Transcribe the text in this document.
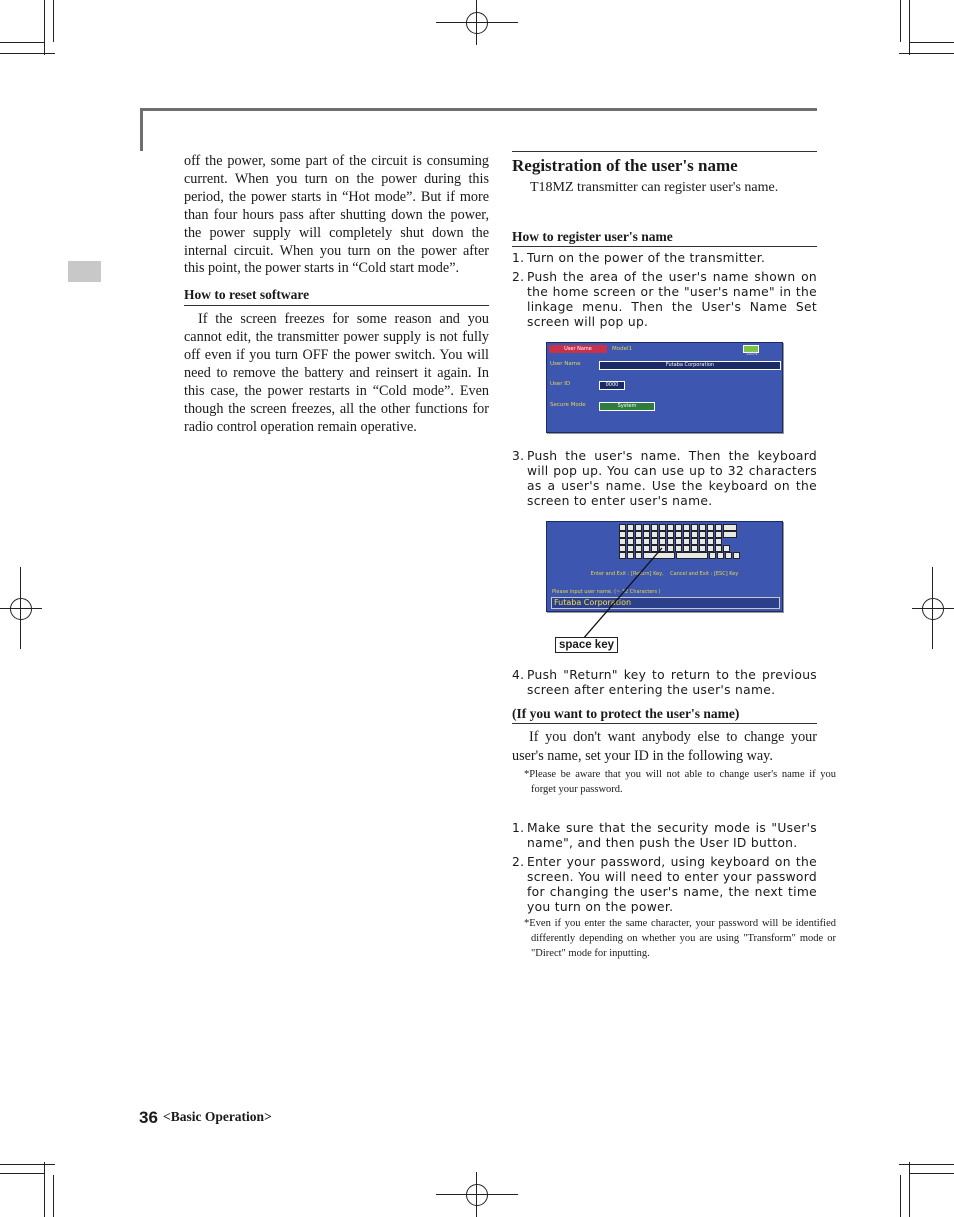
off the power, some part of the circuit is consuming current. When you turn on the power during this period, the power starts in “Hot mode”. But if more than four hours pass after shutting down the power, the power supply will completely shut down the internal circuit. When you turn on the power after this point, the power starts in “Cold start mode”.

How to reset software

If the screen freezes for some reason and you cannot edit, the transmitter power supply is not fully off even if you turn OFF the power switch. You will need to remove the battery and reinsert it again. In this case, the power restarts in “Cold mode”. Even though the screen freezes, all the other functions for radio control operation remain operative.

Registration of the user's name
T18MZ transmitter can register user's name.
How to register user's name
1. Turn on the power of the transmitter.
2. Push the area of the user's name shown on the home screen or the "user's name" in the linkage menu. Then the User's Name Set screen will pop up.
User Name	Model1
100%
User Name	Futaba Corporation
User ID	0000
Secure Mode	System
3. Push the user's name. Then the keyboard will pop up. You can use up to 32 characters as a user's name. Use the keyboard on the screen to enter user's name.
Enter and Exit : [Return] Key,    Cancel and Exit : [ESC] Key
Please input user name. (~ 32 Characters )
Futaba Corporation
space key
4. Push "Return" key to return to the previous screen after entering the user's name.
(If you want to protect the user's name)
If you don't want anybody else to change your user's name, set your ID in the following way.
*Please be aware that you will not able to change user's name if you forget your password.
1. Make sure that the security mode is "User's name", and then push the User ID button.
2. Enter your password, using keyboard on the screen. You will need to enter your password for changing the user's name, the next time you turn on the power.
*Even if you enter the same character, your password will be identified differently depending on whether you are using "Transform" mode or "Direct" mode for inputting.
36 <Basic Operation>
